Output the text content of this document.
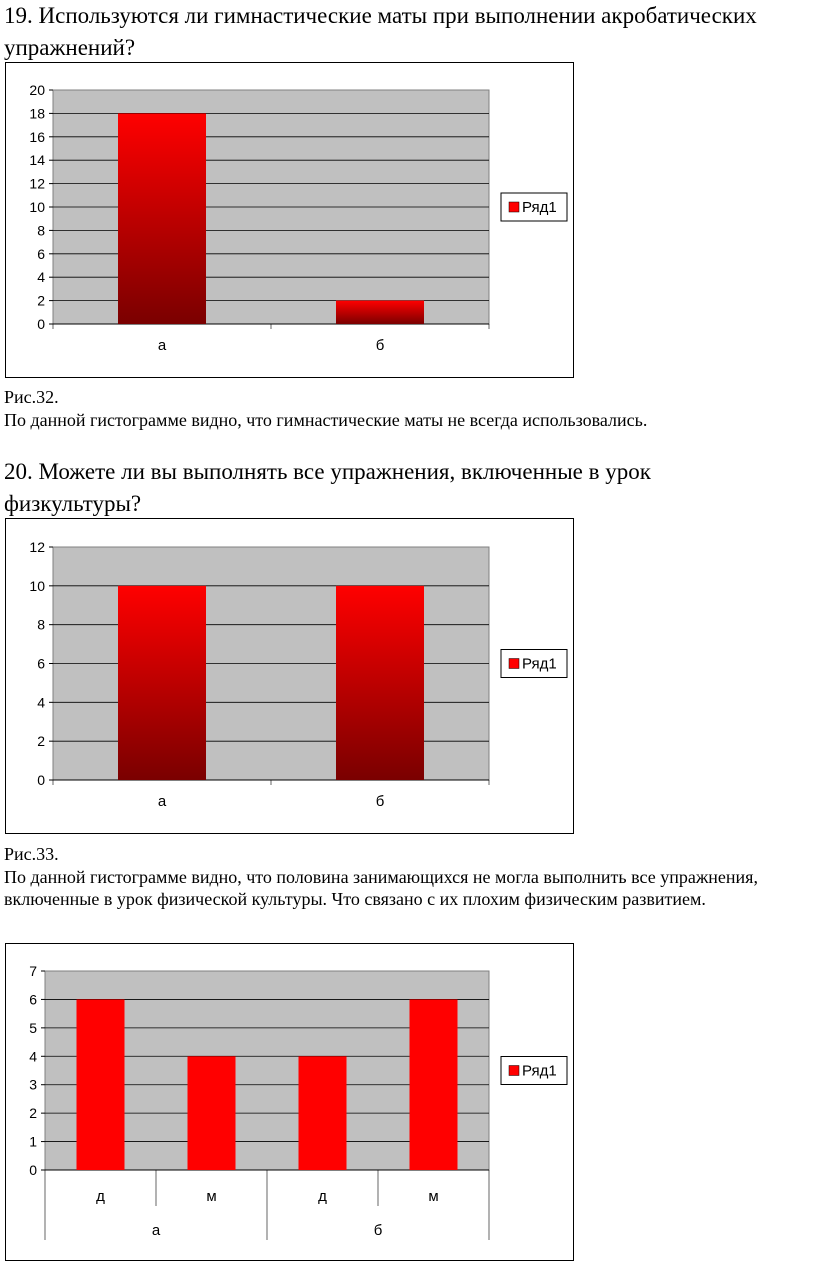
19. Используются ли гимнастические маты при выполнении акробатических упражнений?
0
2
4
6
8
10
12
14
16
18
20
а	б
Ряд1

Рис.32.

По данной гистограмме видно, что гимнастические маты не всегда использовались.

20. Можете ли вы выполнять все упражнения, включенные в урок физкультуры?
0
2
4
6
8
10
12
а	б
Ряд1

Рис.33.

По данной гистограмме видно, что половина занимающихся не могла выполнить все упражнения, включенные в урок физической культуры. Что связано с их плохим физическим развитием.

0
1
2
3
4
5
6
7
д	м	д	м
а	б
Ряд1
